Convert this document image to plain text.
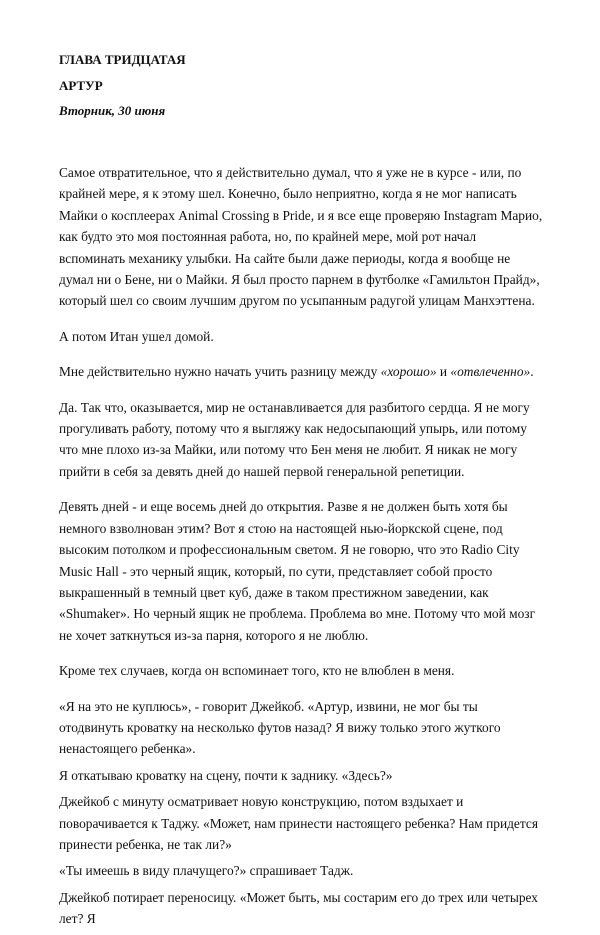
ГЛАВА ТРИДЦАТАЯ
АРТУР
Вторник, 30 июня

Самое отвратительное, что я действительно думал, что я уже не в курсе - или, по крайней мере, я к этому шел. Конечно, было неприятно, когда я не мог написать Майки о косплеерах Animal Crossing в Pride, и я все еще проверяю Instagram Марио, как будто это моя постоянная работа, но, по крайней мере, мой рот начал вспоминать механику улыбки. На сайте были даже периоды, когда я вообще не думал ни о Бене, ни о Майки. Я был просто парнем в футболке «Гамильтон Прайд», который шел со своим лучшим другом по усыпанным радугой улицам Манхэттена.

А потом Итан ушел домой.

Мне действительно нужно начать учить разницу между «хорошо» и «отвлеченно».

Да. Так что, оказывается, мир не останавливается для разбитого сердца. Я не могу прогуливать работу, потому что я выгляжу как недосыпающий упырь, или потому что мне плохо из-за Майки, или потому что Бен меня не любит. Я никак не могу прийти в себя за девять дней до нашей первой генеральной репетиции.

Девять дней - и еще восемь дней до открытия. Разве я не должен быть хотя бы немного взволнован этим? Вот я стою на настоящей нью-йоркской сцене, под высоким потолком и профессиональным светом. Я не говорю, что это Radio City Music Hall - это черный ящик, который, по сути, представляет собой просто выкрашенный в темный цвет куб, даже в таком престижном заведении, как «Shumaker». Но черный ящик не проблема. Проблема во мне. Потому что мой мозг не хочет заткнуться из-за парня, которого я не люблю.

Кроме тех случаев, когда он вспоминает того, кто не влюблен в меня.

«Я на это не куплюсь», - говорит Джейкоб. «Артур, извини, не мог бы ты отодвинуть кроватку на несколько футов назад? Я вижу только этого жуткого ненастоящего ребенка».

Я откатываю кроватку на сцену, почти к заднику. «Здесь?»

Джейкоб с минуту осматривает новую конструкцию, потом вздыхает и поворачивается к Таджу. «Может, нам принести настоящего ребенка? Нам придется принести ребенка, не так ли?»

«Ты имеешь в виду плачущего?» спрашивает Тадж.

Джейкоб потирает переносицу. «Может быть, мы состарим его до трех или четырех лет? Я
